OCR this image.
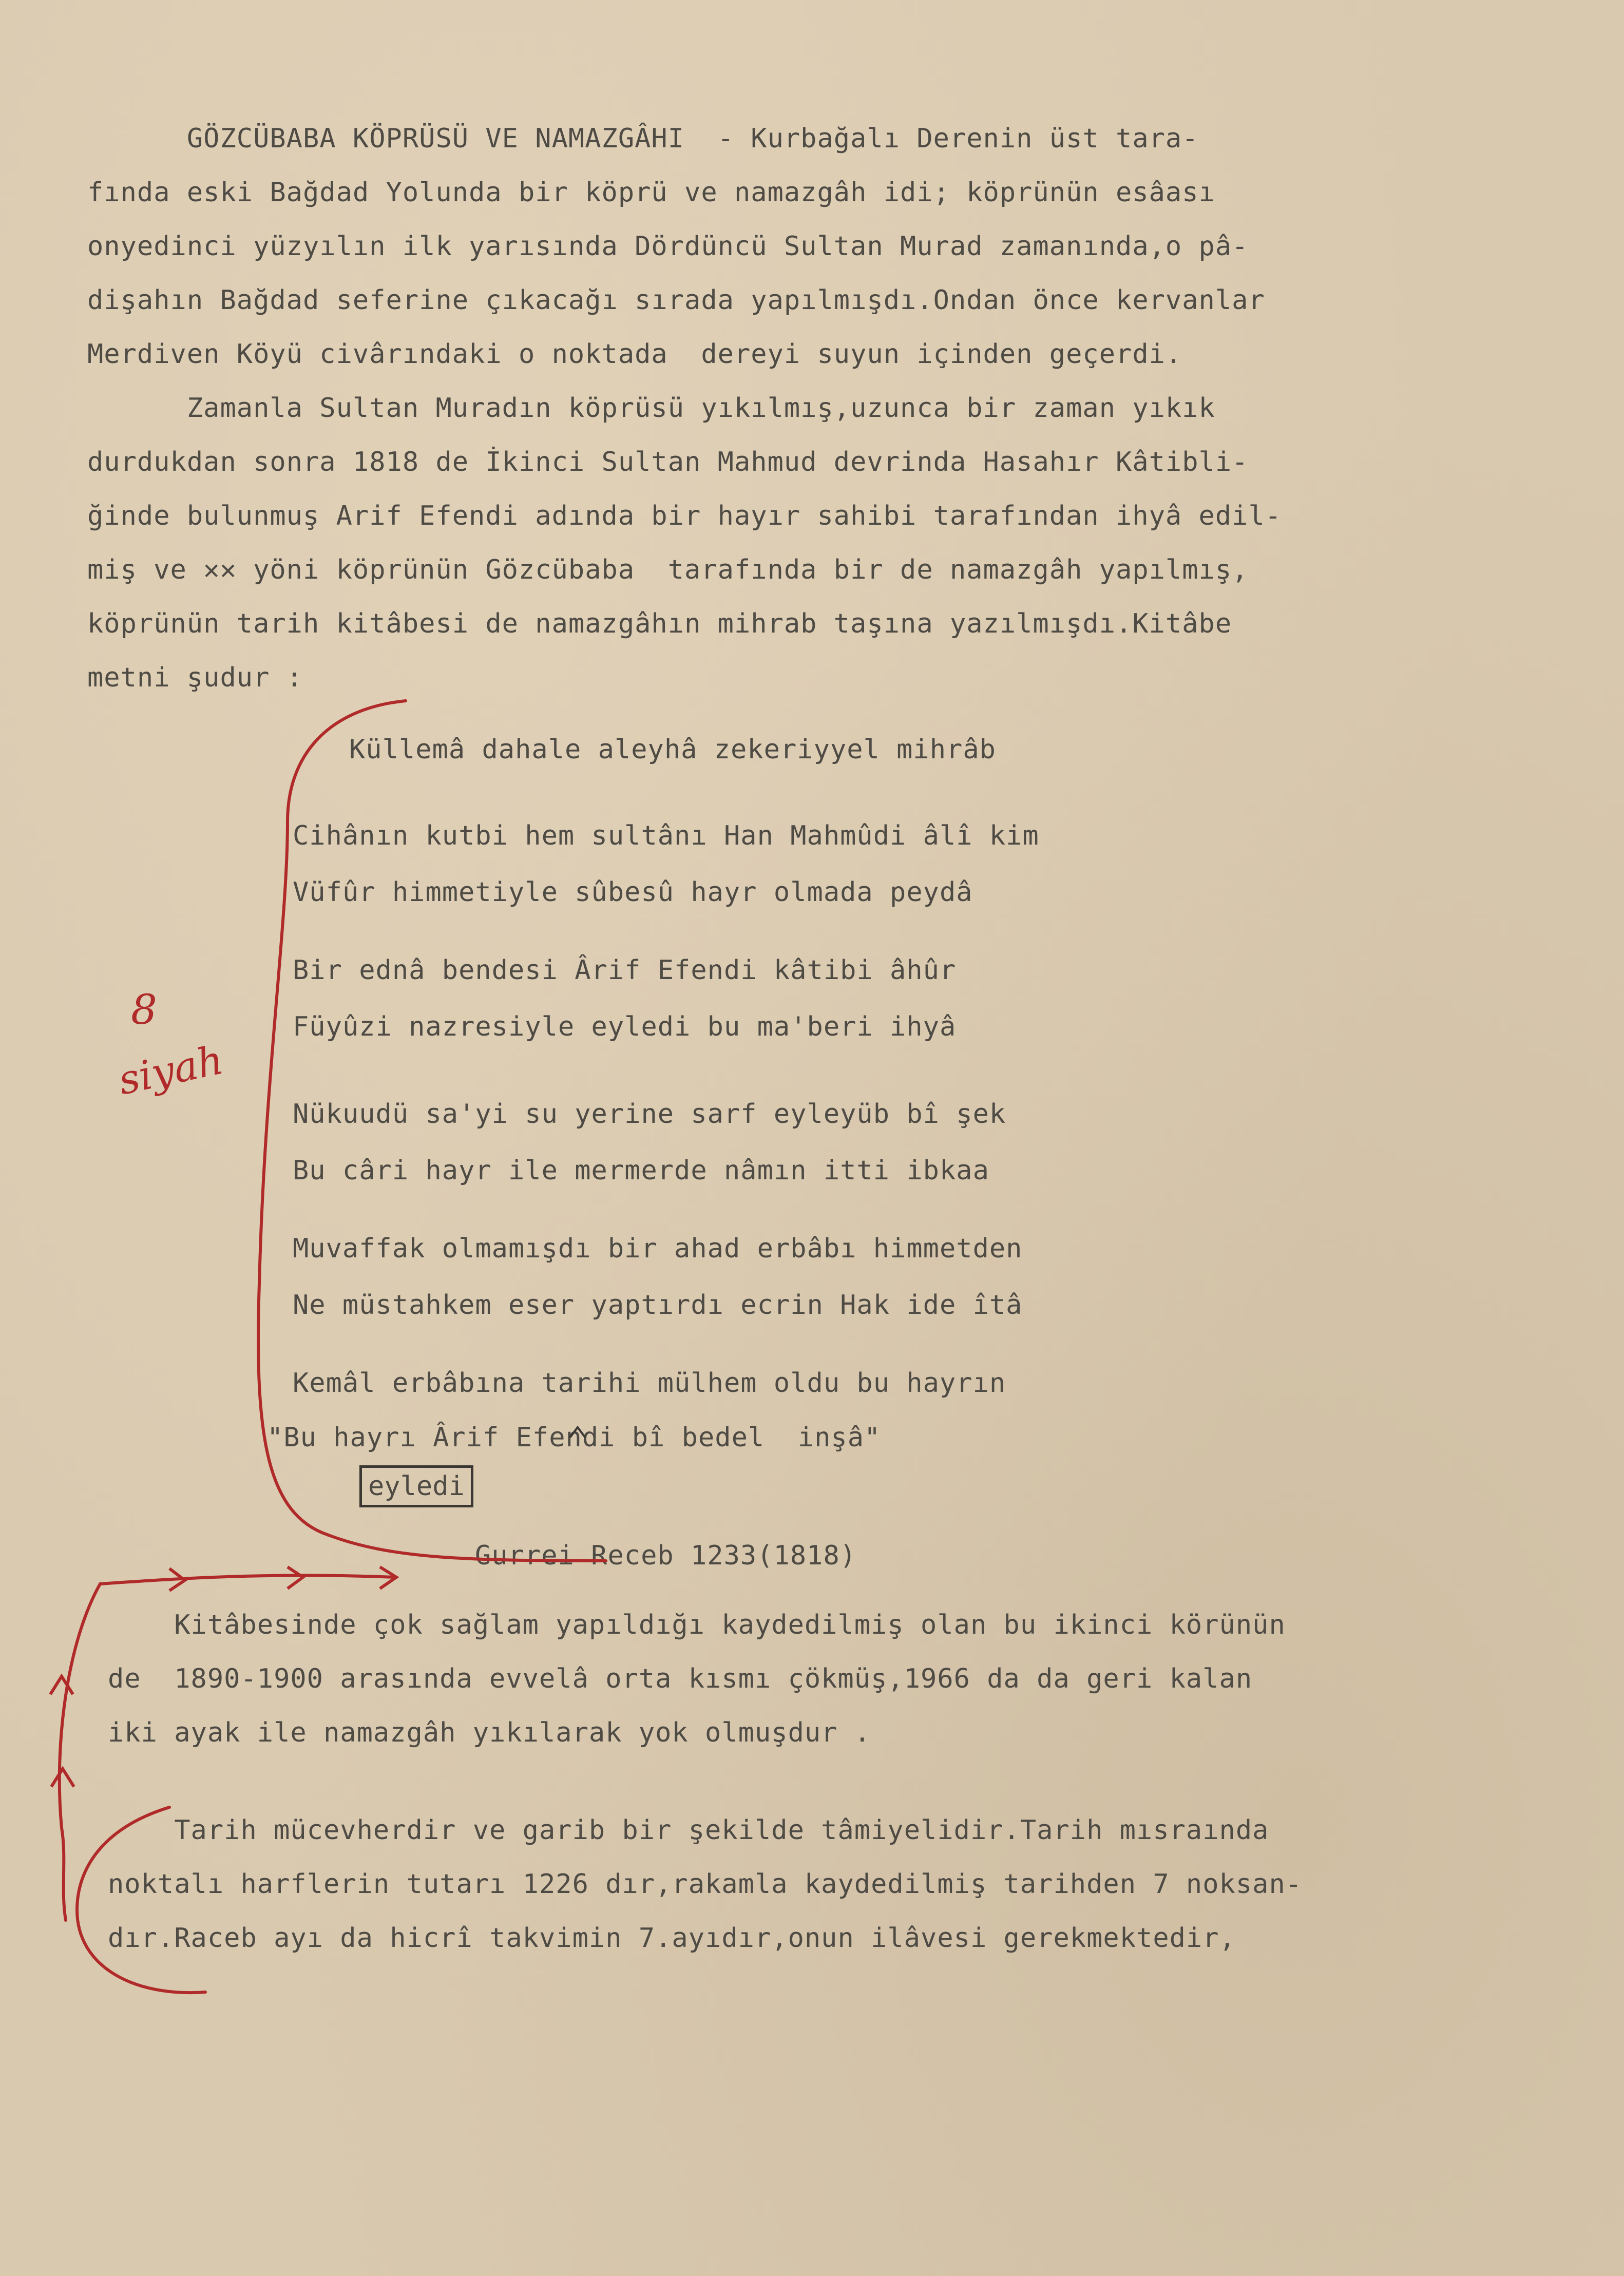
GÖZCÜBABA KÖPRÜSÜ VE NAMAZGÂHI  - Kurbağalı Derenin üst tara-
fında eski Bağdad Yolunda bir köprü ve namazgâh idi; köprünün esâası
onyedinci yüzyılın ilk yarısında Dördüncü Sultan Murad zamanında,o pâ-
dişahın Bağdad seferine çıkacağı sırada yapılmışdı.Ondan önce kervanlar
Merdiven Köyü civârındaki o noktada  dereyi suyun içinden geçerdi.
Zamanla Sultan Muradın köprüsü yıkılmış,uzunca bir zaman yıkık
durdukdan sonra 1818 de İkinci Sultan Mahmud devrinda Hasahır Kâtibli-
ğinde bulunmuş Arif Efendi adında bir hayır sahibi tarafından ihyâ edil-
miş ve ✕✕ yöni köprünün Gözcübaba  tarafında bir de namazgâh yapılmış,
köprünün tarih kitâbesi de namazgâhın mihrab taşına yazılmışdı.Kitâbe
metni şudur :
Küllemâ dahale aleyhâ zekeriyyel mihrâb
Cihânın kutbi hem sultânı Han Mahmûdi âlî kim
Vüfûr himmetiyle sûbesû hayr olmada peydâ
Bir ednâ bendesi Ârif Efendi kâtibi âhûr
Füyûzi nazresiyle eyledi bu ma'beri ihyâ
Nükuudü sa'yi su yerine sarf eyleyüb bî şek
Bu câri hayr ile mermerde nâmın itti ibkaa
Muvaffak olmamışdı bir ahad erbâbı himmetden
Ne müstahkem eser yaptırdı ecrin Hak ide îtâ
Kemâl erbâbına tarihi mülhem oldu bu hayrın
"Bu hayrı Ârif Efendi bî bedel  inşâ"
eyledi
Gurrei Receb 1233(1818)
Kitâbesinde çok sağlam yapıldığı kaydedilmiş olan bu ikinci körünün
de  1890-1900 arasında evvelâ orta kısmı çökmüş,1966 da da geri kalan
iki ayak ile namazgâh yıkılarak yok olmuşdur .
Tarih mücevherdir ve garib bir şekilde tâmiyelidir.Tarih mısraında
noktalı harflerin tutarı 1226 dır,rakamla kaydedilmiş tarihden 7 noksan-
dır.Raceb ayı da hicrî takvimin 7.ayıdır,onun ilâvesi gerekmektedir,
8
siyah
